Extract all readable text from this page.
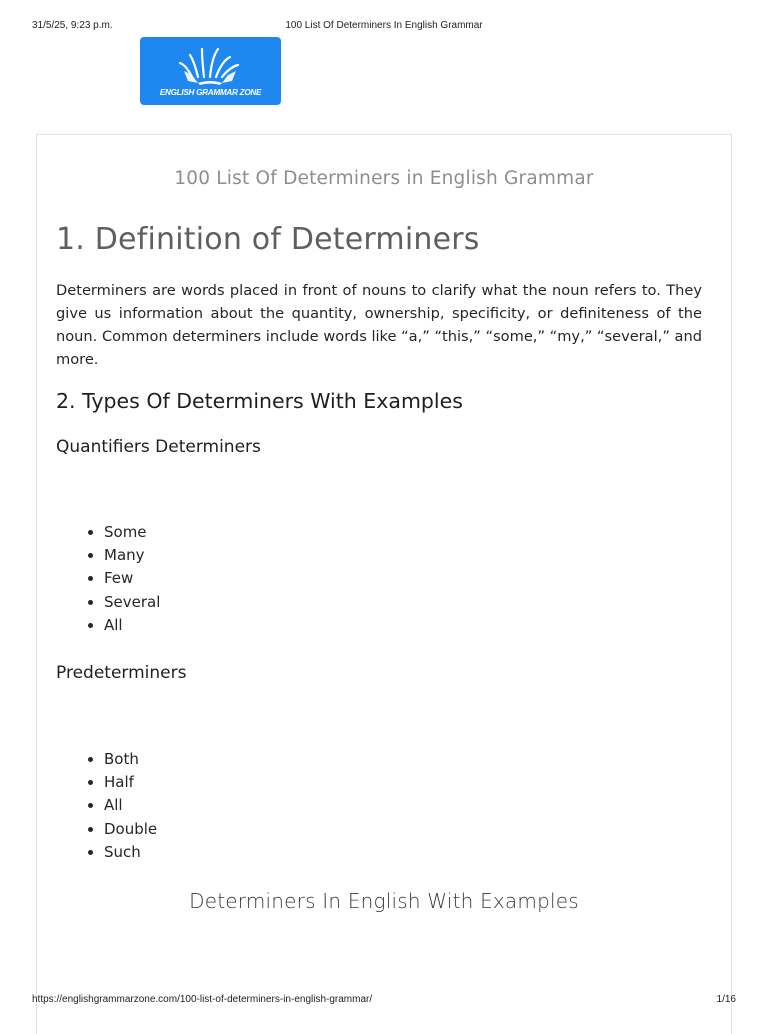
31/5/25, 9:23 p.m.	100 List Of Determiners In English Grammar
ENGLISH GRAMMAR ZONE
100 List Of Determiners in English Grammar
1. Definition of Determiners

Determiners are words placed in front of nouns to clarify what the noun refers to. They give us information about the quantity, ownership, specificity, or definiteness of the noun. Common determiners include words like “a,” “this,” “some,” “my,” “several,” and more.

2. Types Of Determiners With Examples
Quantifiers Determiners
• Some
• Many
• Few
• Several
• All
Predeterminers
• Both
• Half
• All
• Double
• Such
Determiners In English With Examples
https://englishgrammarzone.com/100-list-of-determiners-in-english-grammar/	1/16
